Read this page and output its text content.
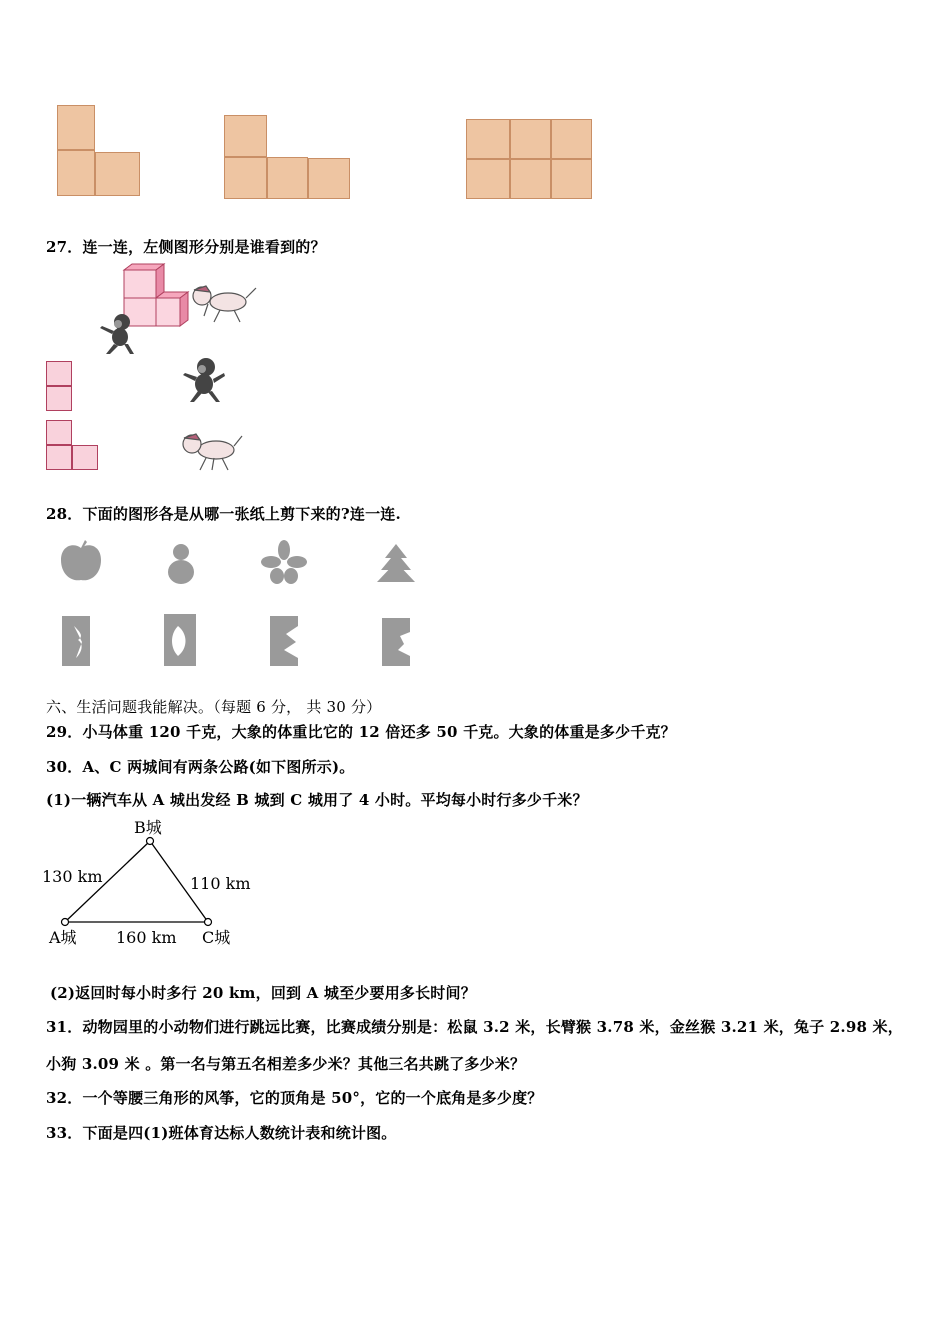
27．连一连，左侧图形分别是谁看到的？
28．下面的图形各是从哪一张纸上剪下来的?连一连.
六、生活问题我能解决。（每题 6 分， 共 30 分）
29．小马体重 120 千克，大象的体重比它的 12 倍还多 50 千克。大象的体重是多少千克？
30．A、C 两城间有两条公路(如下图所示)。
(1)一辆汽车从 A 城出发经 B 城到 C 城用了 4 小时。平均每小时行多少千米？
B城
A城	C城
130 km	110 km
160 km
(2)返回时每小时多行 20 km，回到 A 城至少要用多长时间？
31．动物园里的小动物们进行跳远比赛，比赛成绩分别是：松鼠 3.2 米，长臂猴 3.78 米，金丝猴 3.21 米，兔子 2.98 米，
小狗 3.09 米 。第一名与第五名相差多少米？其他三名共跳了多少米？
32．一个等腰三角形的风筝，它的顶角是 50°，它的一个底角是多少度？
33．下面是四(1)班体育达标人数统计表和统计图。
